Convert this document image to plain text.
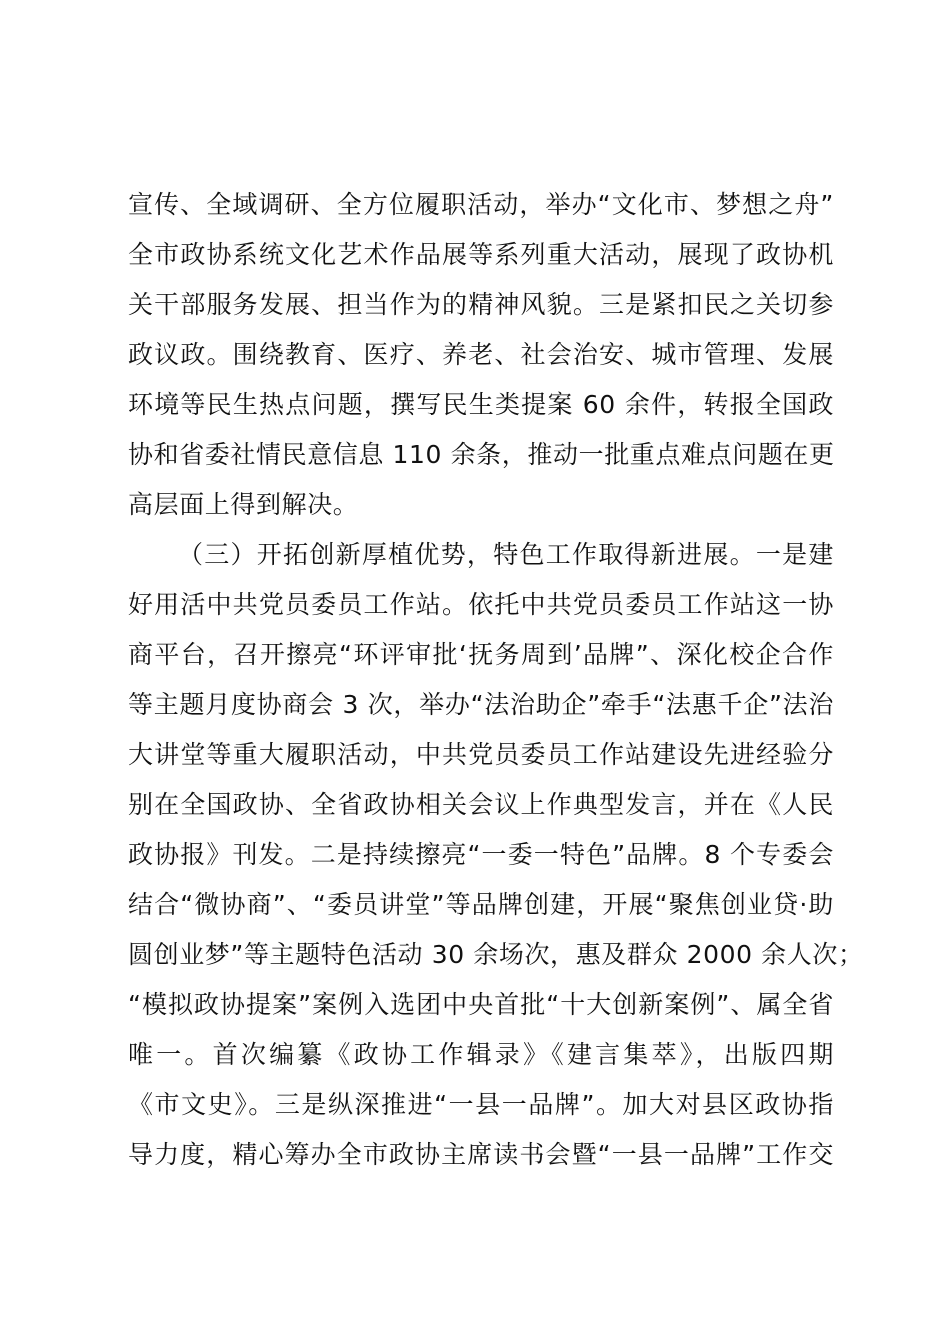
宣传、全域调研、全方位履职活动，举办“文化市、梦想之舟”
全市政协系统文化艺术作品展等系列重大活动，展现了政协机
关干部服务发展、担当作为的精神风貌。三是紧扣民之关切参
政议政。围绕教育、医疗、养老、社会治安、城市管理、发展
环境等民生热点问题，撰写民生类提案 60 余件，转报全国政
协和省委社情民意信息 110 余条，推动一批重点难点问题在更
高层面上得到解决。
（三）开拓创新厚植优势，特色工作取得新进展。一是建
好用活中共党员委员工作站。依托中共党员委员工作站这一协
商平台，召开擦亮“环评审批‘抚务周到’品牌”、深化校企合作
等主题月度协商会 3 次，举办“法治助企”牵手“法惠千企”法治
大讲堂等重大履职活动，中共党员委员工作站建设先进经验分
别在全国政协、全省政协相关会议上作典型发言，并在《人民
政协报》刊发。二是持续擦亮“一委一特色”品牌。8 个专委会
结合“微协商”、“委员讲堂”等品牌创建，开展“聚焦创业贷·助
圆创业梦”等主题特色活动 30 余场次，惠及群众 2000 余人次；
“模拟政协提案”案例入选团中央首批“十大创新案例”、属全省
唯一。首次编纂《政协工作辑录》《建言集萃》，出版四期
《市文史》。三是纵深推进“一县一品牌”。加大对县区政协指
导力度，精心筹办全市政协主席读书会暨“一县一品牌”工作交
